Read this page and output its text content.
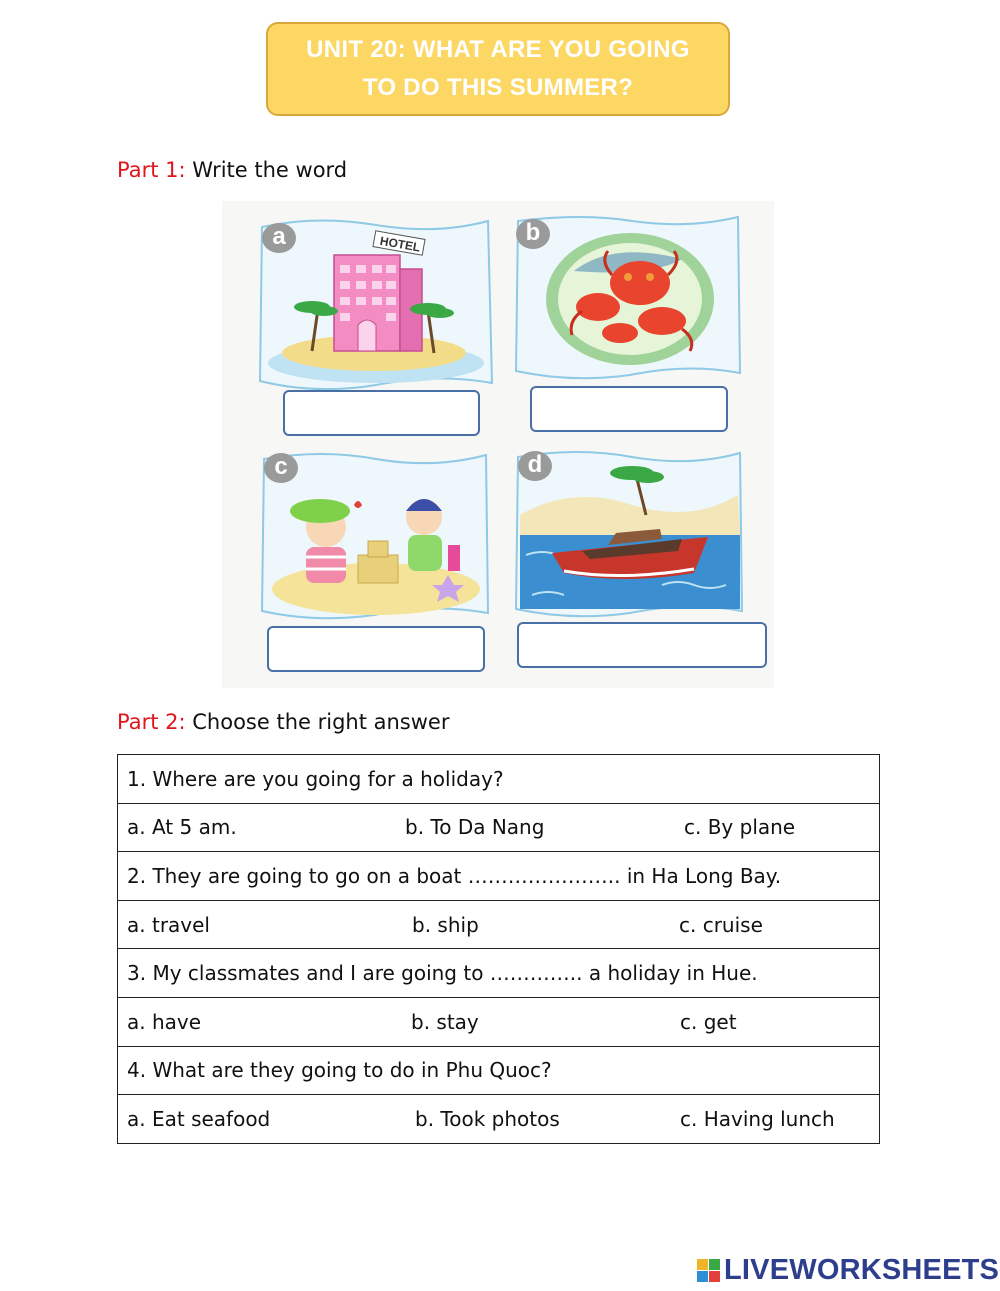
UNIT 20: WHAT ARE YOU GOING
TO DO THIS SUMMER?
Part 1: Write the word
HOTEL
a	b
c	d
Part 2: Choose the right answer
1. Where are you going for a holiday?

a. At 5 am.	b. To Da Nang	c. By plane

2. They are going to go on a boat ………………….. in Ha Long Bay.

a. travel	b. ship	c. cruise

3. My classmates and I are going to ………….. a holiday in Hue.

a. have	b. stay	c. get

4. What are they going to do in Phu Quoc?

a. Eat seafood	b. Took photos	c. Having lunch
LIVEWORKSHEETS
